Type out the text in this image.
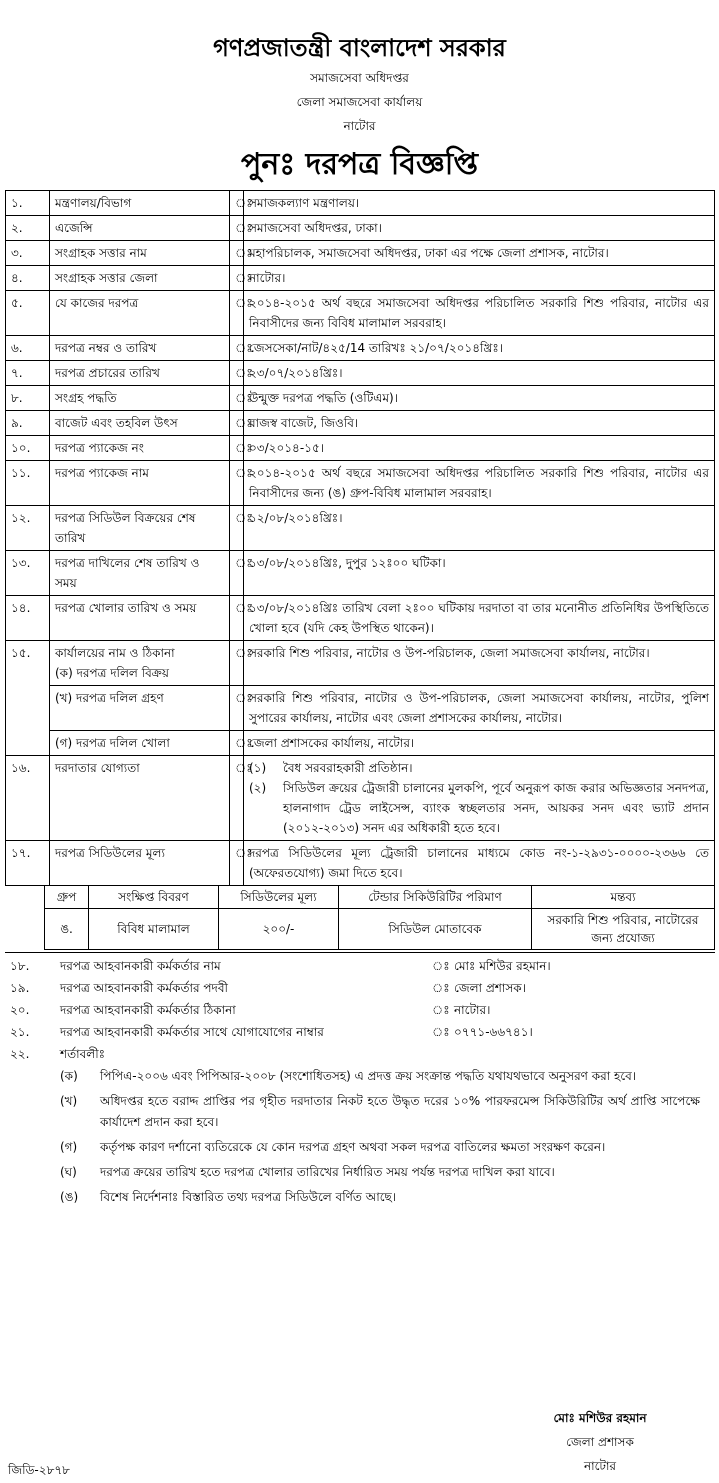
গণপ্রজাতন্ত্রী বাংলাদেশ সরকার
সমাজসেবা অধিদপ্তর
জেলা সমাজসেবা কার্যালয়
নাটোর
পুনঃ দরপত্র বিজ্ঞপ্তি
১.	মন্ত্রণালয়/বিভাগ	ঃ	সমাজকল্যাণ মন্ত্রণালয়।
২.	এজেন্সি	ঃ	সমাজসেবা অধিদপ্তর, ঢাকা।
৩.	সংগ্রাহক সত্তার নাম	ঃ	মহাপরিচালক, সমাজসেবা অধিদপ্তর, ঢাকা এর পক্ষে জেলা প্রশাসক, নাটোর।
৪.	সংগ্রাহক সত্তার জেলা	ঃ	নাটোর।
৫.	যে কাজের দরপত্র	ঃ	২০১৪-২০১৫ অর্থ বছরে সমাজসেবা অধিদপ্তর পরিচালিত সরকারি শিশু পরিবার, নাটোর এর নিবাসীদের জন্য বিবিধ মালামাল সরবরাহ।
৬.	দরপত্র নম্বর ও তারিখ	ঃ	জেসসেকা/নাট/৪২৫/14 তারিখঃ ২১/০৭/২০১৪খ্রিঃ।
৭.	দরপত্র প্রচারের তারিখ	ঃ	২৩/০৭/২০১৪খ্রিঃ।
৮.	সংগ্রহ পদ্ধতি	ঃ	উন্মুক্ত দরপত্র পদ্ধতি (ওটিএম)।
৯.	বাজেট এবং তহবিল উৎস	ঃ	রাজস্ব বাজেট, জিওবি।
১০.	দরপত্র প্যাকেজ নং	ঃ	০৩/২০১৪-১৫।
১১.	দরপত্র প্যাকেজ নাম	ঃ	২০১৪-২০১৫ অর্থ বছরে সমাজসেবা অধিদপ্তর পরিচালিত সরকারি শিশু পরিবার, নাটোর এর নিবাসীদের জন্য (ঙ) গ্রুপ-বিবিধ মালামাল সরবরাহ।
১২.	দরপত্র সিডিউল বিক্রয়ের শেষ তারিখ	ঃ	১২/০৮/২০১৪খ্রিঃ।
১৩.	দরপত্র দাখিলের শেষ তারিখ ও সময়	ঃ	১৩/০৮/২০১৪খ্রিঃ, দুপুর ১২ঃ০০ ঘটিকা।
১৪.	দরপত্র খোলার তারিখ ও সময়	ঃ	১৩/০৮/২০১৪খ্রিঃ তারিখ বেলা ২ঃ০০ ঘটিকায় দরদাতা বা তার মনোনীত প্রতিনিধির উপস্থিতিতে খোলা হবে (যদি কেহ উপস্থিত থাকেন)।
১৫.	কার্যালয়ের নাম ও ঠিকানা
(ক) দরপত্র দলিল বিক্রয়	ঃ	সরকারি শিশু পরিবার, নাটোর ও উপ-পরিচালক, জেলা সমাজসেবা কার্যালয়, নাটোর।
	(খ) দরপত্র দলিল গ্রহণ	ঃ	সরকারি শিশু পরিবার, নাটোর ও উপ-পরিচালক, জেলা সমাজসেবা কার্যালয়, নাটোর, পুলিশ সুপারের কার্যালয়, নাটোর এবং জেলা প্রশাসকের কার্যালয়, নাটোর।
	(গ) দরপত্র দলিল খোলা	ঃ	জেলা প্রশাসকের কার্যালয়, নাটোর।
১৬.	দরদাতার যোগ্যতা	ঃ	(১) বৈধ সরবরাহকারী প্রতিষ্ঠান।
(২) সিডিউল ক্রয়ের ট্রেজারী চালানের মুলকপি, পূর্বে অনুরূপ কাজ করার অভিজ্ঞতার সনদপত্র, হালনাগাদ ট্রেড লাইসেন্স, ব্যাংক স্বচ্ছলতার সনদ, আয়কর সনদ এবং ভ্যাট প্রদান (২০১২-২০১৩) সনদ এর অধিকারী হতে হবে।

১৭.	দরপত্র সিডিউলের মূল্য	ঃ	দরপত্র সিডিউলের মূল্য ট্রেজারী চালানের মাধ্যমে কোড নং-১-২৯৩১-০০০০-২৩৬৬ তে (অফেরতযোগ্য) জমা দিতে হবে।
গ্রুপ	সংক্ষিপ্ত বিবরণ	সিডিউলের মূল্য	টেন্ডার সিকিউরিটির পরিমাণ	মন্তব্য
ঙ.	বিবিধ মালামাল	২০০/-	সিডিউল মোতাবেক	সরকারি শিশু পরিবার, নাটোরের জন্য প্রযোজ্য
১৮.	দরপত্র আহবানকারী কর্মকর্তার নাম	ঃ মোঃ মশিউর রহমান।
১৯.	দরপত্র আহবানকারী কর্মকর্তার পদবী	ঃ জেলা প্রশাসক।
২০.	দরপত্র আহবানকারী কর্মকর্তার ঠিকানা	ঃ নাটোর।
২১.	দরপত্র আহবানকারী কর্মকর্তার সাথে যোগাযোগের নাম্বার	ঃ ০৭৭১-৬৬৭৪১।
২২.	শর্তাবলীঃ
(ক)	পিপিএ-২০০৬ এবং পিপিআর-২০০৮ (সংশোধিতসহ) এ প্রদত্ত ক্রয় সংক্রান্ত পদ্ধতি যথাযথভাবে অনুসরণ করা হবে।
(খ)	অধিদপ্তর হতে বরাদ্দ প্রাপ্তির পর গৃহীত দরদাতার নিকট হতে উদ্ধৃত দরের ১০% পারফরমেন্স সিকিউরিটির অর্থ প্রাপ্তি সাপেক্ষে কার্যাদেশ প্রদান করা হবে।
(গ)	কর্তৃপক্ষ কারণ দর্শানো ব্যতিরেকে যে কোন দরপত্র গ্রহণ অথবা সকল দরপত্র বাতিলের ক্ষমতা সংরক্ষণ করেন।
(ঘ)	দরপত্র ক্রয়ের তারিখ হতে দরপত্র খোলার তারিখের নির্ধারিত সময় পর্যন্ত দরপত্র দাখিল করা যাবে।
(ঙ)	বিশেষ নির্দেশনাঃ বিস্তারিত তথ্য দরপত্র সিডিউলে বর্ণিত আছে।
মোঃ মশিউর রহমান
জেলা প্রশাসক
নাটোর
জিডি-২৮৭৮
